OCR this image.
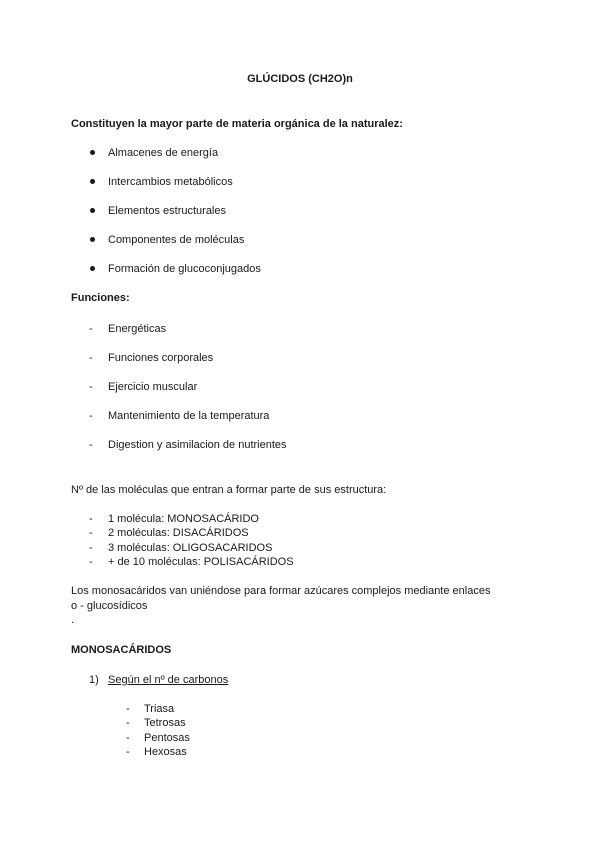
GLÚCIDOS (CH2O)n
Constituyen la mayor parte de materia orgánica de la naturalez:
Almacenes de energía
Intercambios metabólicos
Elementos estructurales
Componentes de moléculas
Formación de glucoconjugados
Funciones:
-	Energéticas
-	Funciones corporales
-	Ejercicio muscular
-	Mantenimiento de la temperatura
-	Digestion y asimilacion de nutrientes
Nº de las moléculas que entran a formar parte de sus estructura:
-	1 molécula: MONOSACÁRIDO
-	2 moléculas: DISACÁRIDOS
-	3 moléculas: OLIGOSACARIDOS
-	+ de 10 moléculas: POLISACÁRIDOS
Los monosacáridos van uniéndose para formar azúcares complejos mediante enlaces
o - glucosídicos
.
MONOSACÁRIDOS
1) Según el nº de carbonos
-	Triasa
-	Tetrosas
-	Pentosas
-	Hexosas
